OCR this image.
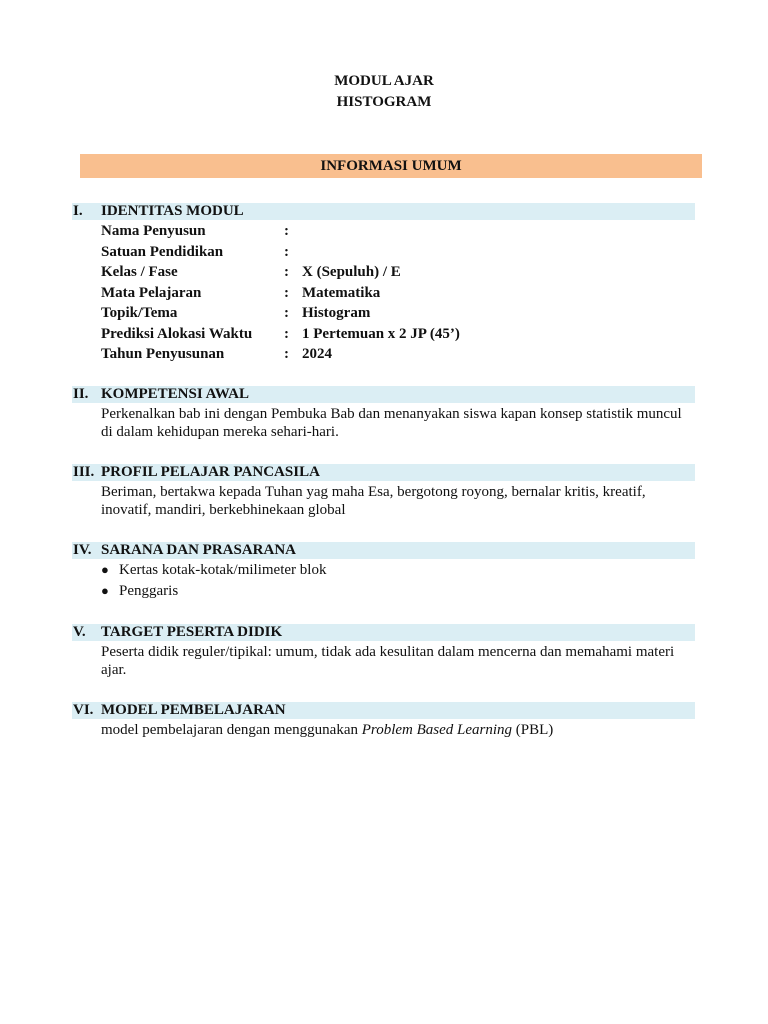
MODUL AJAR
HISTOGRAM
INFORMASI UMUM
I. IDENTITAS MODUL
Nama Penyusun	:
Satuan Pendidikan	:
Kelas / Fase	: X (Sepuluh) / E
Mata Pelajaran	: Matematika
Topik/Tema	: Histogram
Prediksi Alokasi Waktu : 1 Pertemuan x 2 JP (45’)
Tahun Penyusunan	: 2024
II. KOMPETENSI AWAL
Perkenalkan bab ini dengan Pembuka Bab dan menanyakan siswa kapan konsep statistik muncul di dalam kehidupan mereka sehari-hari.
III. PROFIL PELAJAR PANCASILA
Beriman, bertakwa kepada Tuhan yag maha Esa, bergotong royong, bernalar kritis, kreatif, inovatif, mandiri, berkebhinekaan global
IV. SARANA DAN PRASARANA
● Kertas kotak-kotak/milimeter blok
● Penggaris
V. TARGET PESERTA DIDIK
Peserta didik reguler/tipikal: umum, tidak ada kesulitan dalam mencerna dan memahami materi ajar.
VI. MODEL PEMBELAJARAN
model pembelajaran dengan menggunakan Problem Based Learning (PBL)
